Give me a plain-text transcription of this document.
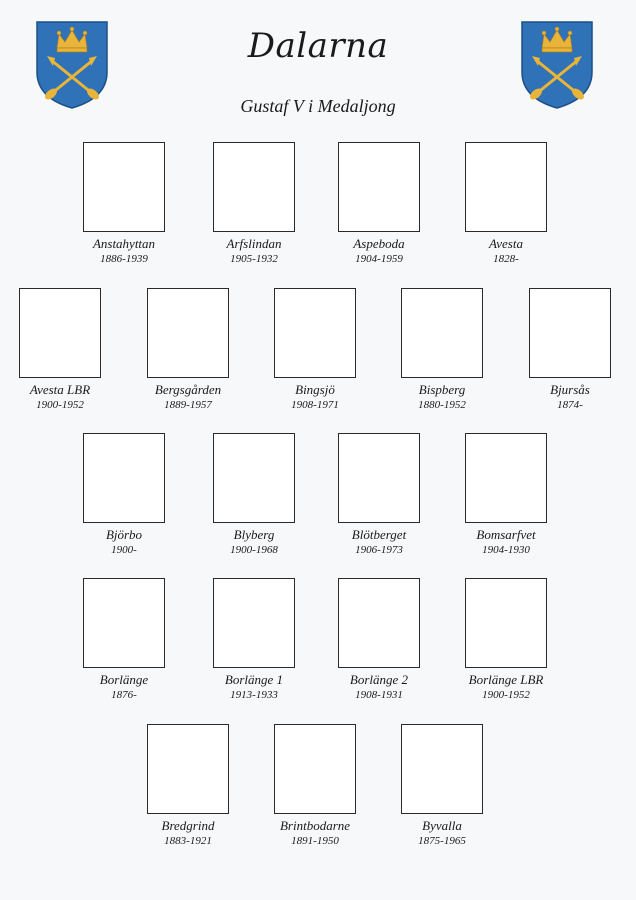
Dalarna
Gustaf V i Medaljong
Anstahyttan
1886-1939
Arfslindan
1905-1932
Aspeboda
1904-1959
Avesta
1828-
Avesta LBR
1900-1952
Bergsgården
1889-1957
Bingsjö
1908-1971
Bispberg
1880-1952
Bjursås
1874-
Björbo
1900-
Blyberg
1900-1968
Blötberget
1906-1973
Bomsarfvet
1904-1930
Borlänge
1876-
Borlänge 1
1913-1933
Borlänge 2
1908-1931
Borlänge LBR
1900-1952
Bredgrind
1883-1921
Brintbodarne
1891-1950
Byvalla
1875-1965
